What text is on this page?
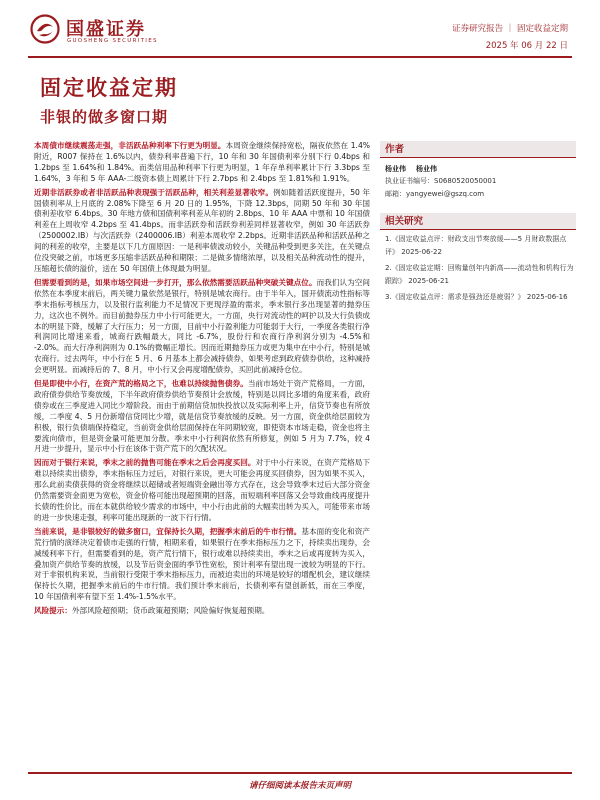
国盛证券
GUOSHENG SECURITIES
证券研究报告 ｜ 固定收益定期
2025 年 06 月 22 日
固定收益定期
非银的做多窗口期

本周债市继续震荡走强，非活跃品种利率下行更为明显。本周资金继续保持宽松，隔夜依然在 1.4%附近，R007 保持在 1.6%以内，债券利率普遍下行，10 年和 30 年国债利率分别下行 0.4bps 和 1.2bps 至 1.64%和 1.84%。而类信用品种利率下行更为明显，1 年存单利率累计下行 3.3bps 至 1.64%，3 年和 5 年 AAA-二级资本债上周累计下行 2.7bps 和 2.4bps 至 1.81%和 1.91%。

近期非活跃券或者非活跃品种表现强于活跃品种，相关利差显著收窄。例如随着活跃度提升，50 年国债利率从上月底的 2.08%下降至 6 月 20 日的 1.95%，下降 12.3bps，同期 50 年和 30 年国债利差收窄 6.4bps。30 年地方债和国债利率利差从年初的 2.8bps、10 年 AAA 中票和 10 年国债利差在上周收窄 4.2bps 至 41.4bps。而非活跃券和活跃券利差同样显著收窄，例如 30 年活跃券（2500002.IB）与次活跃券（2400006.IB）利差本周收窄 2.2bps。近期非活跃品种和活跃品种之间的利差的收窄，主要是以下几方面原因：一是利率债波动较小，关键品种受到更多关注，在关键点位没突破之前，市场更多压缩非活跃品种和期限；二是做多情绪浓厚，以及相关品种流动性的提升，压缩超长债的溢价，送在 50 年国债上体现最为明显。

但需要看到的是，如果市场空间进一步打开，那么依然需要活跃品种突破关键点位。而我们认为空间依然在本季度末前后，两关键力量依然是银行，特别是城农商行。由于半年入，国开债流动性指标等季末指标考核压力，以及银行监利能力不足情况下更现浮盈的需求，季末银行多出现显著的抛券压力，这次也不例外。而目前抛券压力中小行可能更大，一方面，央行对流动性的呵护以及大行负债成本的明显下降，缓解了大行压力；另一方面，目前中小行盈利能力可能弱于大行，一季度各类银行净利润同比增速来看，城商行跌幅最大，同比 -6.7%，股份行和农商行净利润分别为 -4.5%和 -2.0%。而大行净利润则为 0.1%的微幅正增长。因而近期抛券压力或更为集中在中小行，特别是城农商行。过去两年，中小行在 5 月、6 月基本上都会减持债券，如果考虑到政府债券供给，这种减持会更明显。而减持后的 7、8 月，中小行又会再度增配债券，买回此前减持仓位。

但是即使中小行，在资产荒的格局之下，也难以持续抛售债券。当前市场处于资产荒格局，一方面，政府债券供给节奏放缓，下半年政府债券供给节奏预计会放缓，特别是以同比多增的角度来看，政府债券或在三季度进入同比少增阶段。而由于前期信贷加快投放以及实际利率上升，信贷节奏也有所放缓，二季度 4、5 月份新增信贷同比少增，就是信贷节奏放缓的反映。另一方面，资金供给层面较为积极，银行负债端保持稳定，当前资金供给层面保持在年同期较宽，即使资本市场走稳，资金也将主要流向债市，但是资金量可能更加分散。季末中小行利润依然有所修复，例如 5 月为 7.7%，较 4 月进一步提升，显示中小行在该体于资产荒下的欠配状况。

因而对于银行来说，季末之前的抛售可能在季末之后会再度买回。对于中小行来说，在资产荒格局下难以持续卖出债券，季末指标压力过后，对银行来说，更大可能会再度买回债券，因为如果不买入，那么此前卖债获得的资金将继续以超储或者短端资金融出等方式存在，这会导致季末过后大部分资金仍然需要资金面更为宽松，资金价格可能出现超预期的回落，而短端利率回落又会导致曲线再度提升长债的性价比，而在本就供给较少需求的市场中，中小行由此前的大幅卖出转为买入，可能带来市场的进一步快速走强，利率可能出现新的一波下行行情。

当前来说，是非银较好的做多窗口，宜保持长久期，把握季末前后的牛市行情。基本面的变化和资产荒行情的演绎决定着债市走强的行情，相期来看，如果银行在季末指标压力之下，持续卖出现券，会减缓利率下行，但需要看到的是，资产荒行情下，银行或难以持续卖出，季末之后或再度转为买入，叠加资产供给节奏的放缓，以及节后资金面的季节性宽松，预计利率有望出现一波较为明显的下行。对于非银机构来说，当前银行受限于季末指标压力，而被迫卖出的环境是较好的增配机会，建议继续保持长久期，把握季末前后的牛市行情。我们预计季末前后，长债利率有望创新低，而在三季度，10 年国债利率有望下至 1.4%-1.5%水平。

风险提示：外部风险超预期；货币政策超预期；风险偏好恢复超预期。

作者
杨业伟 杨业伟
执业证书编号：S0680520050001
邮箱：yangyewei@gszq.com
相关研究
1.《固定收益点评：财政支出节奏放缓——5 月财政数据点评》 2025-06-22
2.《固定收益定期：回购量创年内新高——流动性和机构行为跟踪》 2025-06-21
3.《固定收益点评：需求是强劲还是疲弱？》 2025-06-16
请仔细阅读本报告末页声明
